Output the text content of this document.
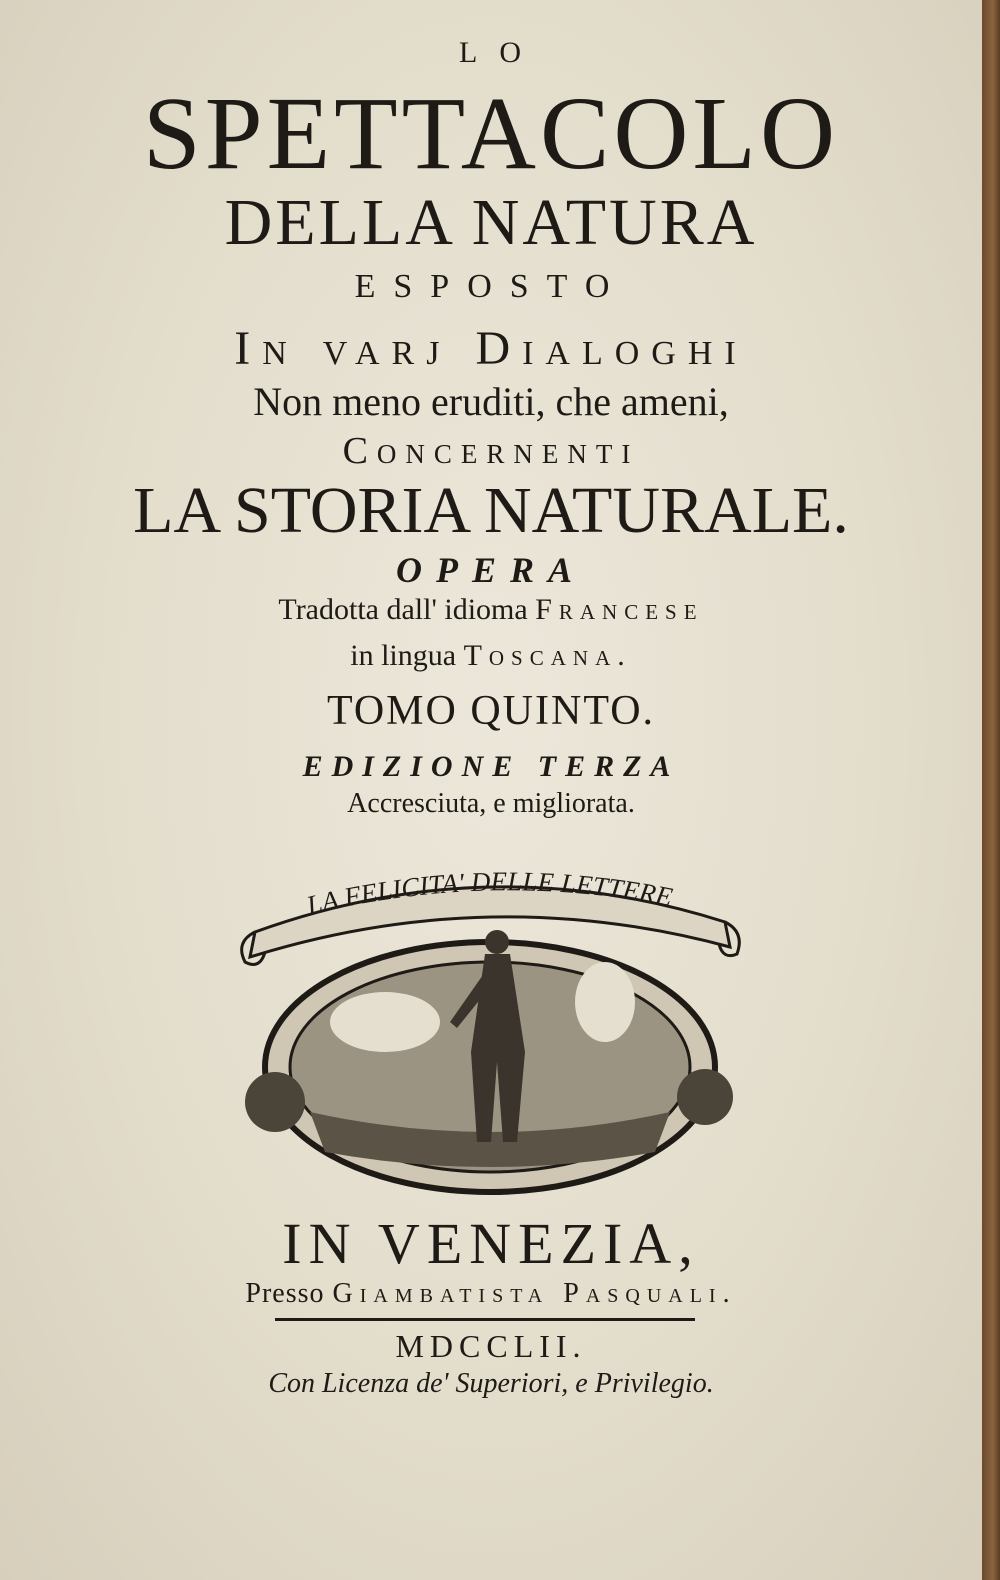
LO
SPETTACOLO
DELLA NATURA
ESPOSTO
In varj Dialoghi
Non meno eruditi, che ameni,
Concernenti
LA STORIA NATURALE.
OPERA
Tradotta dall' idioma Francese
in lingua Toscana.
TOMO QUINTO.
EDIZIONE TERZA
Accresciuta, e migliorata.
LA FELICITA' DELLE LETTERE
IN VENEZIA,
Presso Giambatista Pasquali.
MDCCLII.
Con Licenza de' Superiori, e Privilegio.
